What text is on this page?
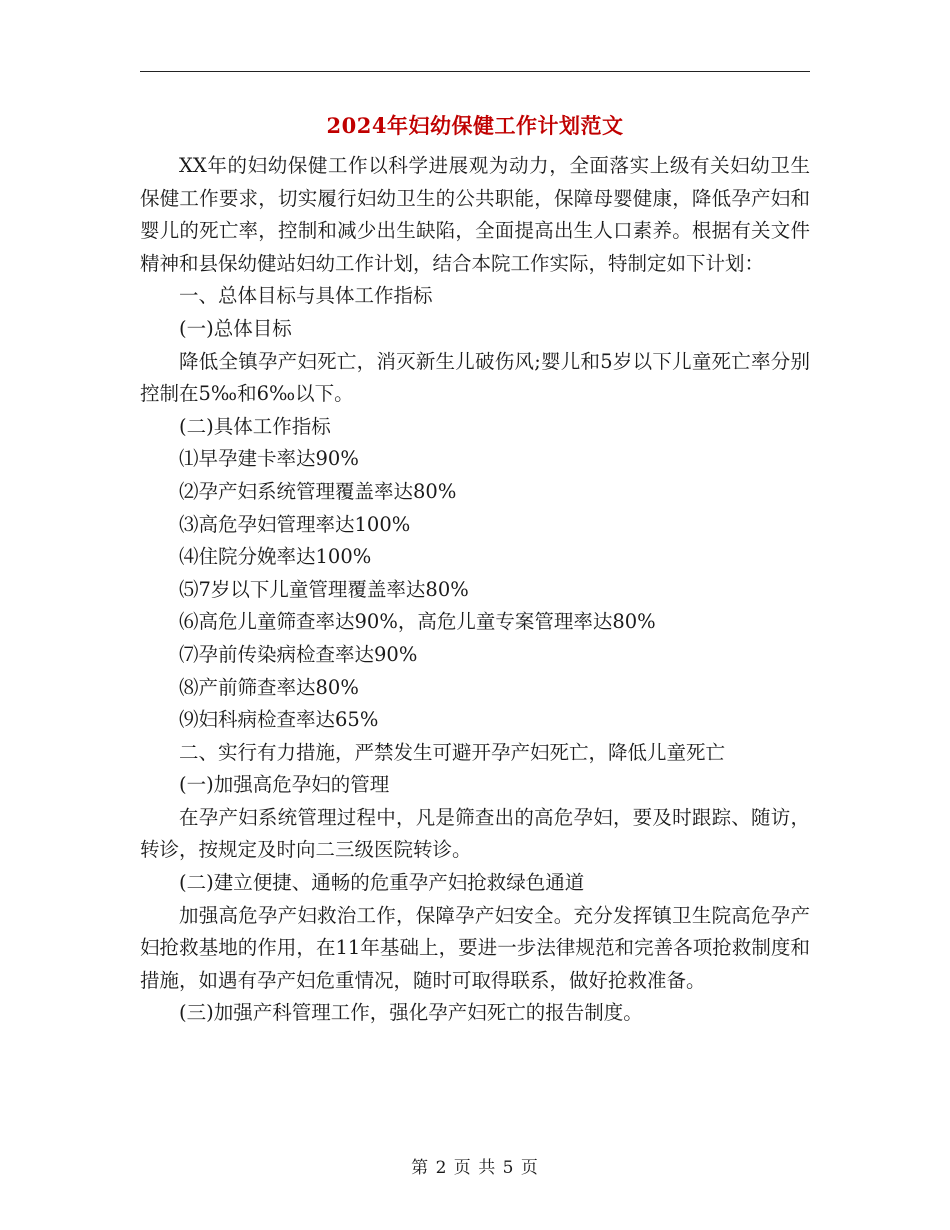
2024年妇幼保健工作计划范文

XX年的妇幼保健工作以科学进展观为动力，全面落实上级有关妇幼卫生保健工作要求，切实履行妇幼卫生的公共职能，保障母婴健康，降低孕产妇和婴儿的死亡率，控制和减少出生缺陷，全面提高出生人口素养。根据有关文件精神和县保幼健站妇幼工作计划，结合本院工作实际，特制定如下计划：

一、总体目标与具体工作指标

(一)总体目标

降低全镇孕产妇死亡，消灭新生儿破伤风;婴儿和5岁以下儿童死亡率分别控制在5‰和6‰以下。

(二)具体工作指标

⑴早孕建卡率达90%

⑵孕产妇系统管理覆盖率达80%

⑶高危孕妇管理率达100%

⑷住院分娩率达100%

⑸7岁以下儿童管理覆盖率达80%

⑹高危儿童筛查率达90%，高危儿童专案管理率达80%

⑺孕前传染病检查率达90%

⑻产前筛查率达80%

⑼妇科病检查率达65%

二、实行有力措施，严禁发生可避开孕产妇死亡，降低儿童死亡

(一)加强高危孕妇的管理

在孕产妇系统管理过程中，凡是筛查出的高危孕妇，要及时跟踪、随访，转诊，按规定及时向二三级医院转诊。

(二)建立便捷、通畅的危重孕产妇抢救绿色通道

加强高危孕产妇救治工作，保障孕产妇安全。充分发挥镇卫生院高危孕产妇抢救基地的作用，在11年基础上，要进一步法律规范和完善各项抢救制度和措施，如遇有孕产妇危重情况，随时可取得联系，做好抢救准备。

(三)加强产科管理工作，强化孕产妇死亡的报告制度。

第 2 页 共 5 页
